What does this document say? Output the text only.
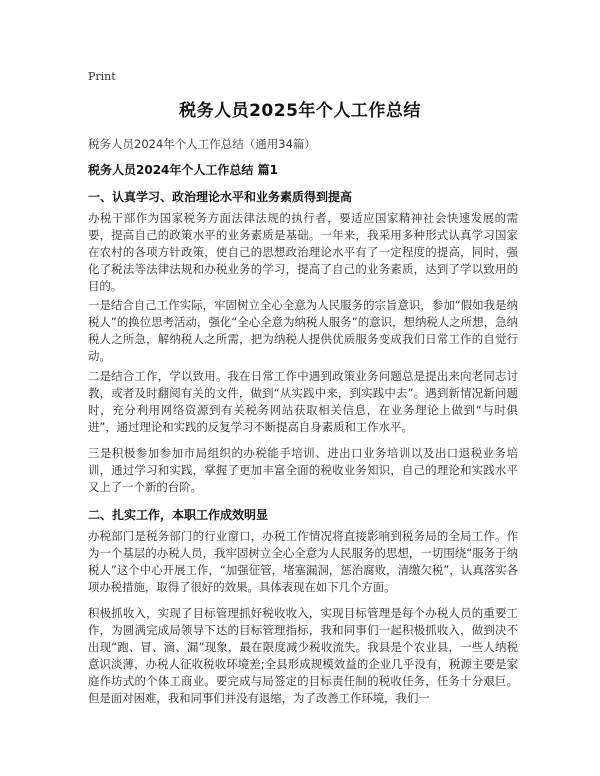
Print
税务人员2025年个人工作总结
税务人员2024年个人工作总结（通用34篇）
税务人员2024年个人工作总结 篇1
一、认真学习、政治理论水平和业务素质得到提高
办税干部作为国家税务方面法律法规的执行者，要适应国家精神社会快速发展的需要，提高自己的政策水平的业务素质是基础。一年来，我采用多种形式认真学习国家在农村的各项方针政策，使自己的思想政治理论水平有了一定程度的提高，同时，强化了税法等法律法规和办税业务的学习，提高了自己的业务素质，达到了学以致用的目的。
一是结合自己工作实际，牢固树立全心全意为人民服务的宗旨意识，参加“假如我是纳税人”的换位思考活动，强化“全心全意为纳税人服务”的意识，想纳税人之所想，急纳税人之所急，解纳税人之所需，把为纳税人提供优质服务变成我们日常工作的自觉行动。
二是结合工作，学以致用。我在日常工作中遇到政策业务问题总是提出来向老同志讨教，或者及时翻阅有关的文件，做到“从实践中来，到实践中去”。遇到新情况新问题时，充分利用网络资源到有关税务网站获取相关信息，在业务理论上做到“与时俱进”，通过理论和实践的反复学习不断提高自身素质和工作水平。
三是积极参加参加市局组织的办税能手培训、进出口业务培训以及出口退税业务培训，通过学习和实践，掌握了更加丰富全面的税收业务知识，自己的理论和实践水平又上了一个新的台阶。
二、扎实工作，本职工作成效明显
办税部门是税务部门的行业窗口，办税工作情况将直接影响到税务局的全局工作。作为一个基层的办税人员，我牢固树立全心全意为人民服务的思想，一切围绕“服务于纳税人”这个中心开展工作，“加强征管，堵塞漏洞，惩治腐败，清缴欠税”，认真落实各项办税措施，取得了很好的效果。具体表现在如下几个方面。
积极抓收入，实现了目标管理抓好税收收入，实现目标管理是每个办税人员的重要工作，为圆满完成局领导下达的目标管理指标，我和同事们一起积极抓收入，做到决不出现“跑、冒、滴、漏”现象，最在限度减少税收流失。我县是个农业县，一些人纳税意识淡薄，办税人征收税收环境差;全县形成规模效益的企业几乎没有，税源主要是家庭作坊式的个体工商业。要完成与局签定的目标责任制的税收任务，任务十分艰巨。但是面对困难，我和同事们并没有退缩，为了改善工作环境，我们一
